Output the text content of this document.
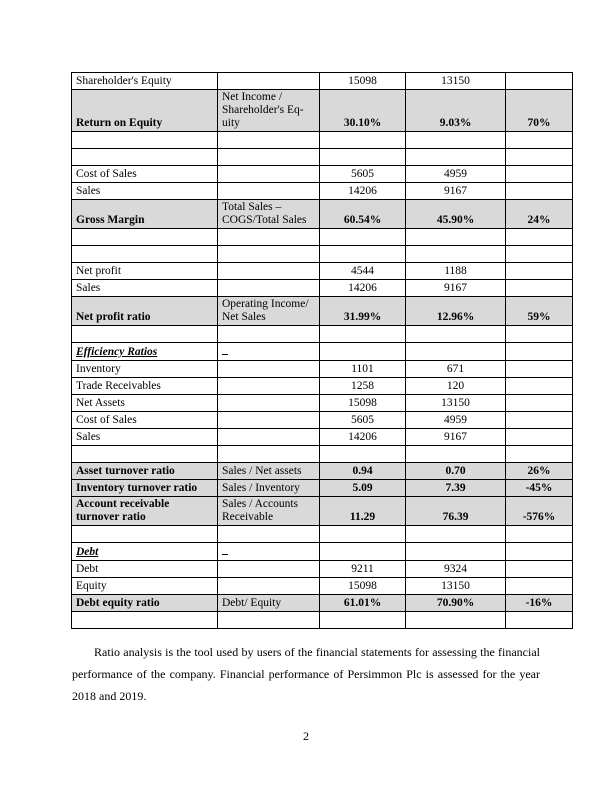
Shareholder's Equity		15098	13150	
Return on Equity	Net Income / Shareholder's Eq-uity	30.10%	9.03%	70%

Cost of Sales		5605	4959	
Sales		14206	9167	
Gross Margin	Total Sales – COGS/Total Sales	60.54%	45.90%	24%

Net profit		4544	1188	
Sales		14206	9167	
Net profit ratio	Operating Income/ Net Sales	31.99%	12.96%	59%

Efficiency Ratios				
Inventory		1101	671	
Trade Receivables		1258	120	
Net Assets		15098	13150	
Cost of Sales		5605	4959	
Sales		14206	9167	

Asset turnover ratio	Sales / Net assets	0.94	0.70	26%
Inventory turnover ratio	Sales / Inventory	5.09	7.39	-45%
Account receivable turnover ratio	Sales / Accounts Receivable	11.29	76.39	-576%

Debt				
Debt		9211	9324	
Equity		15098	13150	
Debt equity ratio	Debt/ Equity	61.01%	70.90%	-16%

Ratio analysis is the tool used by users of the financial statements for assessing the financial performance of the company. Financial performance of Persimmon Plc is assessed for the year 2018 and 2019.

2
